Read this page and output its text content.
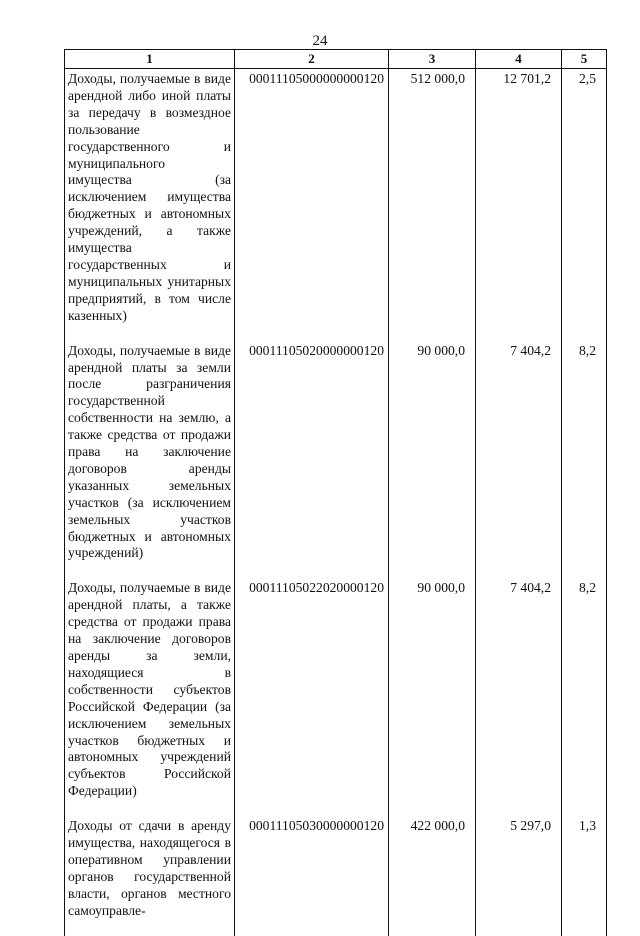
24
1	2	3	4	5
Доходы, получаемые в виде арендной либо иной платы за передачу в возмездное пользование государственного и муниципального имущества (за исключением имущества бюджетных и автономных учреждений, а также имущества государственных и муниципальных унитарных предприятий, в том числе казенных)	00011105000000000120	512 000,0	12 701,2	2,5
Доходы, получаемые в виде арендной платы за земли после разграничения государственной собственности на землю, а также средства от продажи права на заключение договоров аренды указанных земельных участков (за исключением земельных участков бюджетных и автономных учреждений)	00011105020000000120	90 000,0	7 404,2	8,2
Доходы, получаемые в виде арендной платы, а также средства от продажи права на заключение договоров аренды за земли, находящиеся в собственности субъектов Российской Федерации (за исключением земельных участков бюджетных и автономных учреждений субъектов Российской Федерации)	00011105022020000120	90 000,0	7 404,2	8,2
Доходы от сдачи в аренду имущества, находящегося в оперативном управлении органов государственной власти, органов местного самоуправле-	00011105030000000120	422 000,0	5 297,0	1,3
